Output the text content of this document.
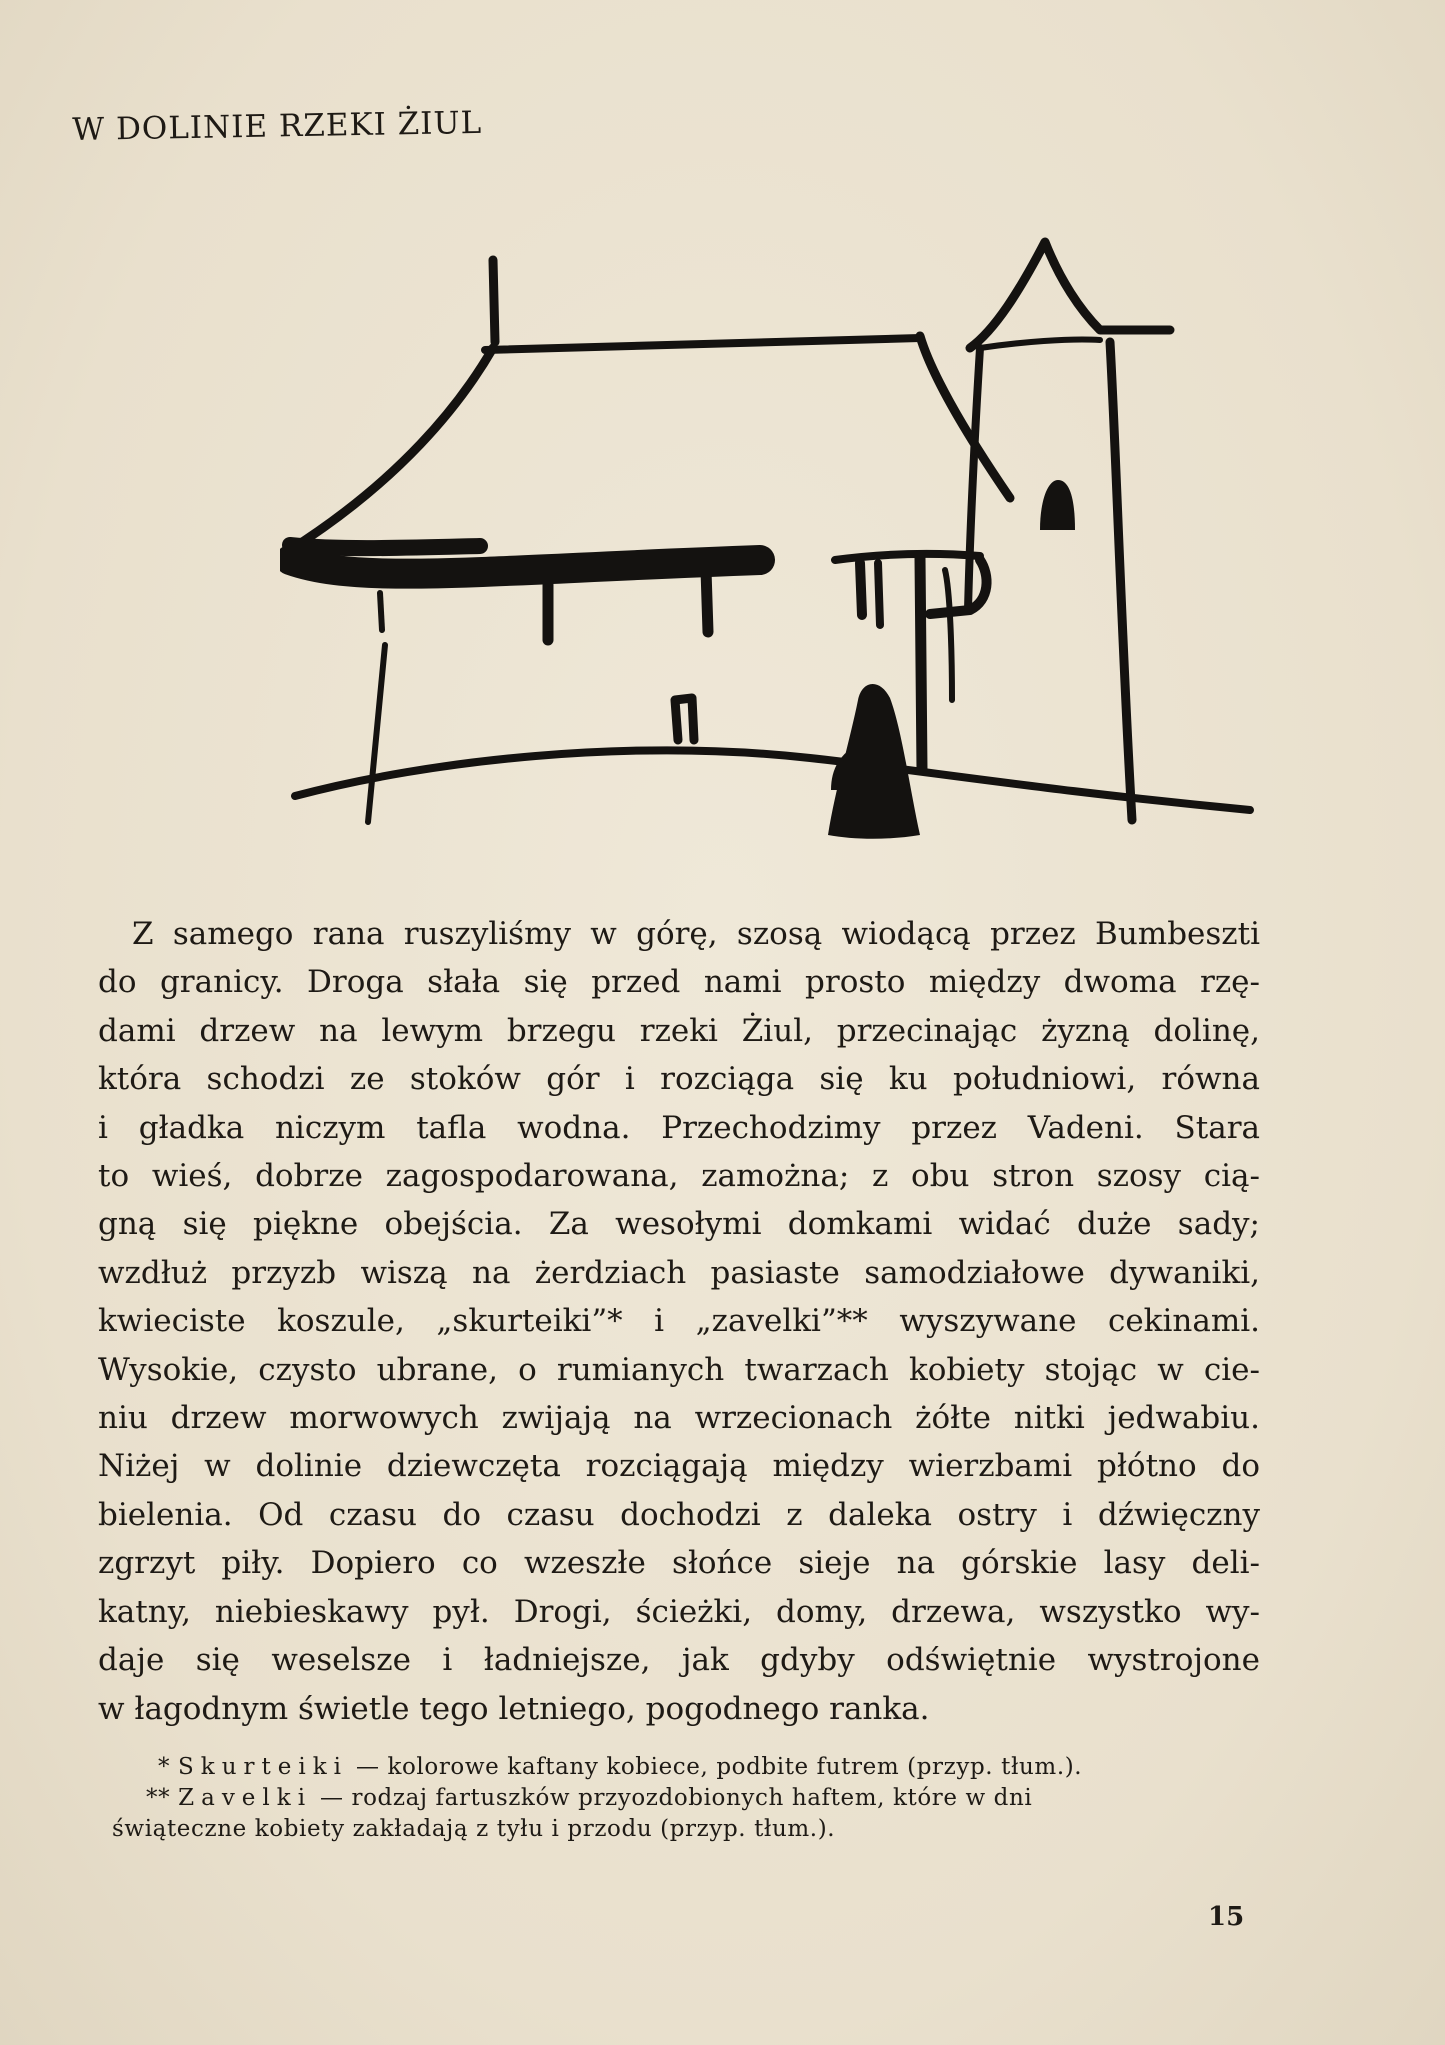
W DOLINIE RZEKI ŻIUL
Z samego rana ruszyliśmy w górę, szosą wiodącą przez Bumbeszti
do granicy. Droga słała się przed nami prosto między dwoma rzę-
dami drzew na lewym brzegu rzeki Żiul, przecinając żyzną dolinę,
która schodzi ze stoków gór i rozciąga się ku południowi, równa
i gładka niczym tafla wodna. Przechodzimy przez Vadeni. Stara
to wieś, dobrze zagospodarowana, zamożna; z obu stron szosy cią-
gną się piękne obejścia. Za wesołymi domkami widać duże sady;
wzdłuż przyzb wiszą na żerdziach pasiaste samodziałowe dywaniki,
kwieciste koszule, „skurteiki”* i „zavelki”** wyszywane cekinami.
Wysokie, czysto ubrane, o rumianych twarzach kobiety stojąc w cie-
niu drzew morwowych zwijają na wrzecionach żółte nitki jedwabiu.
Niżej w dolinie dziewczęta rozciągają między wierzbami płótno do
bielenia. Od czasu do czasu dochodzi z daleka ostry i dźwięczny
zgrzyt piły. Dopiero co wzeszłe słońce sieje na górskie lasy deli-
katny, niebieskawy pył. Drogi, ścieżki, domy, drzewa, wszystko wy-
daje się weselsze i ładniejsze, jak gdyby odświętnie wystrojone
w łagodnym świetle tego letniego, pogodnego ranka.
* Skurteiki — kolorowe kaftany kobiece, podbite futrem (przyp. tłum.).
** Zavelki — rodzaj fartuszków przyozdobionych haftem, które w dni
świąteczne kobiety zakładają z tyłu i przodu (przyp. tłum.).
15
